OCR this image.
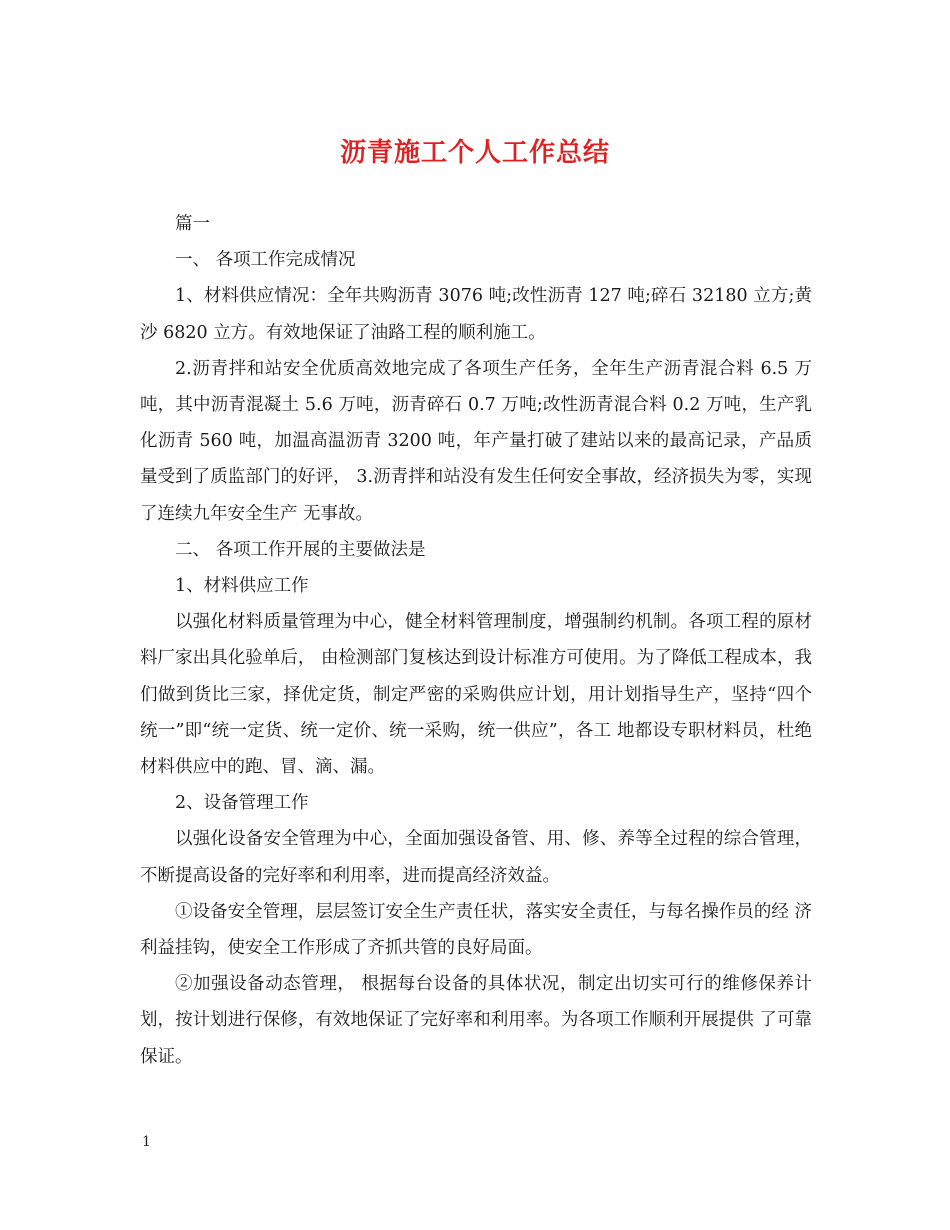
沥青施工个人工作总结

篇一

一、 各项工作完成情况

1、材料供应情况：全年共购沥青 3076 吨;改性沥青 127 吨;碎石 32180 立方;黄沙 6820 立方。有效地保证了油路工程的顺利施工。

2.沥青拌和站安全优质高效地完成了各项生产任务，全年生产沥青混合料 6.5 万吨，其中沥青混凝土 5.6 万吨，沥青碎石 0.7 万吨;改性沥青混合料 0.2 万吨，生产乳化沥青 560 吨，加温高温沥青 3200 吨，年产量打破了建站以来的最高记录，产品质量受到了质监部门的好评， 3.沥青拌和站没有发生任何安全事故，经济损失为零，实现了连续九年安全生产 无事故。

二、 各项工作开展的主要做法是

1、材料供应工作

以强化材料质量管理为中心，健全材料管理制度，增强制约机制。各项工程的原材料厂家出具化验单后， 由检测部门复核达到设计标准方可使用。为了降低工程成本，我们做到货比三家，择优定货，制定严密的采购供应计划，用计划指导生产，坚持“四个统一”即“统一定货、统一定价、统一采购，统一供应”，各工 地都设专职材料员，杜绝材料供应中的跑、冒、滴、漏。

2、设备管理工作

以强化设备安全管理为中心，全面加强设备管、用、修、养等全过程的综合管理，不断提高设备的完好率和利用率，进而提高经济效益。

①设备安全管理，层层签订安全生产责任状，落实安全责任，与每名操作员的经 济利益挂钩，使安全工作形成了齐抓共管的良好局面。

②加强设备动态管理， 根据每台设备的具体状况，制定出切实可行的维修保养计 划，按计划进行保修，有效地保证了完好率和利用率。为各项工作顺利开展提供 了可靠保证。

1
